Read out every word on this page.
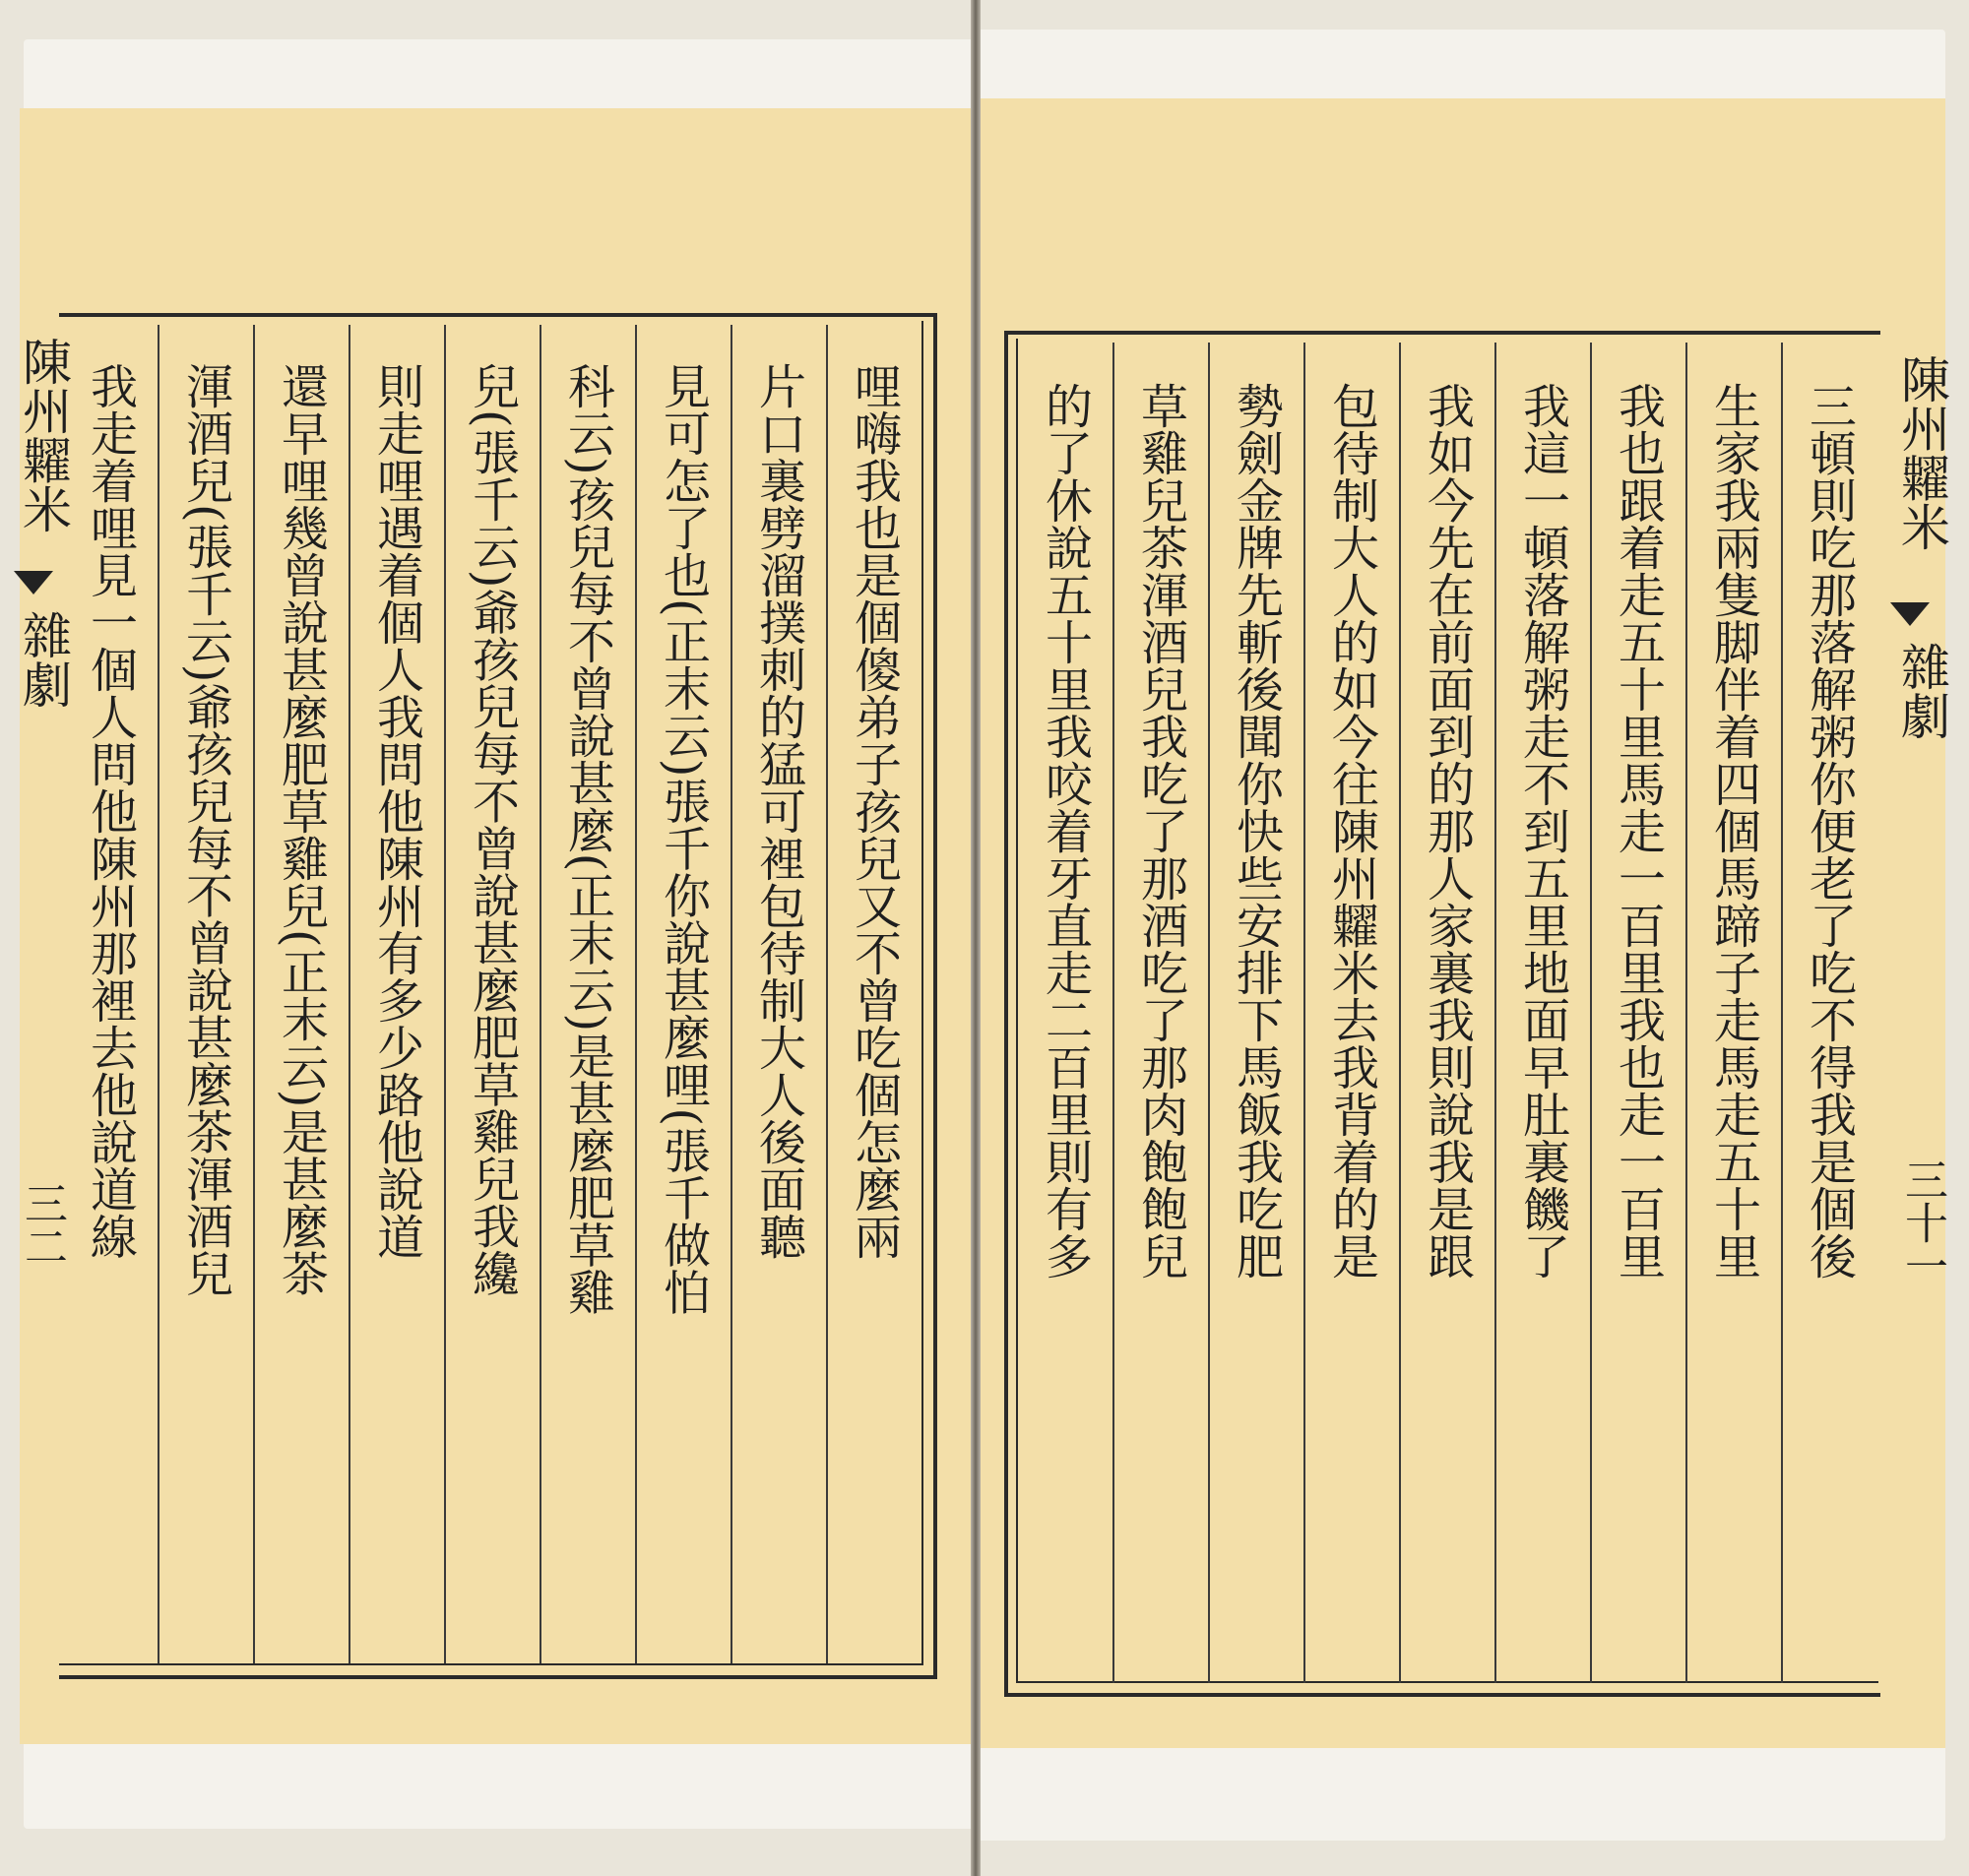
陳州糶米
雜劇
三二	哩嗨我也是個傻弟子孩兒又不曾吃個怎麼兩
片口裏劈溜撲刺的猛可裡包待制大人後面聽
見可怎了也(正末云)張千你說甚麼哩(張千做怕
科云)孩兒每不曾說甚麼(正末云)是甚麼肥草雞
兒(張千云)爺孩兒每不曾說甚麼肥草雞兒我纔
則走哩遇着個人我問他陳州有多少路他說道
還早哩幾曾說甚麼肥草雞兒(正末云)是甚麼茶
渾酒兒(張千云)爺孩兒每不曾說甚麼茶渾酒兒
我走着哩見一個人問他陳州那裡去他說道線	陳州糶米
雜劇
三十一
三頓則吃那落解粥你便老了吃不得我是個後
生家我兩隻脚伴着四個馬蹄子走馬走五十里
我也跟着走五十里馬走一百里我也走一百里
我這一頓落解粥走不到五里地面早肚裏饑了
我如今先在前面到的那人家裏我則說我是跟
包待制大人的如今往陳州糶米去我背着的是
勢劍金牌先斬後聞你快些安排下馬飯我吃肥
草雞兒茶渾酒兒我吃了那酒吃了那肉飽飽兒
的了休說五十里我咬着牙直走二百里則有多
